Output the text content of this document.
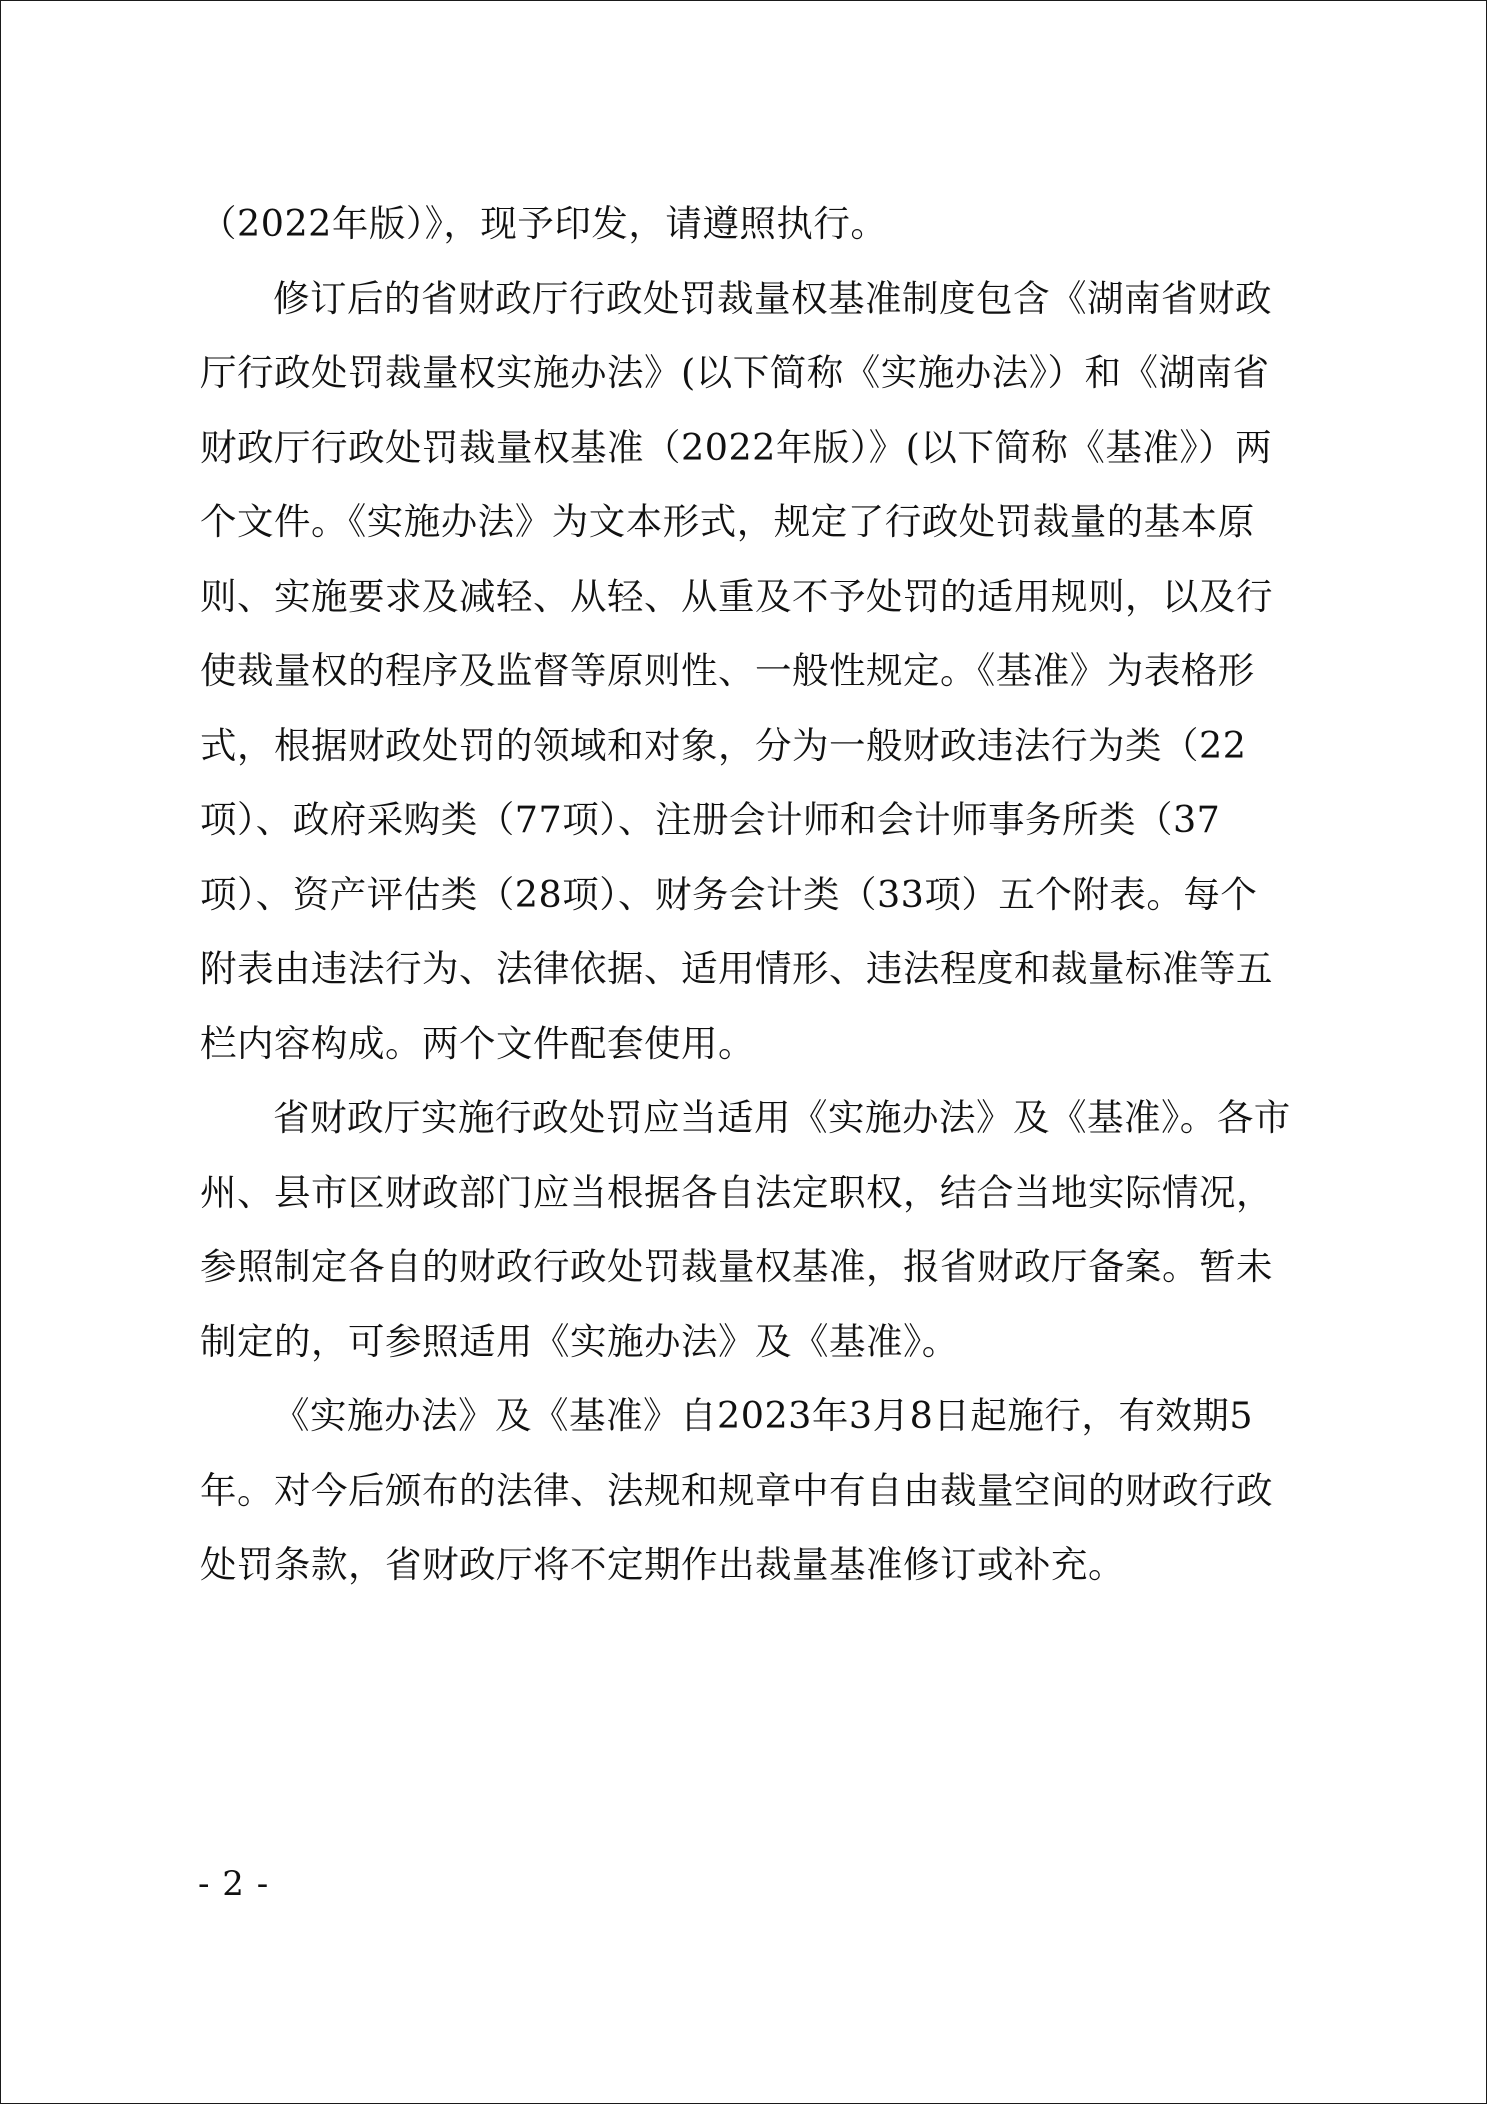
（2022年版）》，现予印发，请遵照执行。

修订后的省财政厅行政处罚裁量权基准制度包含《湖南省财政厅行政处罚裁量权实施办法》(以下简称《实施办法》）和《湖南省财政厅行政处罚裁量权基准（2022年版）》(以下简称《基准》）两个文件。《实施办法》为文本形式，规定了行政处罚裁量的基本原则、实施要求及减轻、从轻、从重及不予处罚的适用规则，以及行使裁量权的程序及监督等原则性、一般性规定。《基准》为表格形式，根据财政处罚的领域和对象，分为一般财政违法行为类（22项）、政府采购类（77项）、注册会计师和会计师事务所类（37项）、资产评估类（28项）、财务会计类（33项）五个附表。每个附表由违法行为、法律依据、适用情形、违法程度和裁量标准等五栏内容构成。两个文件配套使用。

省财政厅实施行政处罚应当适用《实施办法》及《基准》。各市州、县市区财政部门应当根据各自法定职权，结合当地实际情况，参照制定各自的财政行政处罚裁量权基准，报省财政厅备案。暂未制定的，可参照适用《实施办法》及《基准》。

《实施办法》及《基准》自2023年3月8日起施行，有效期5年。对今后颁布的法律、法规和规章中有自由裁量空间的财政行政处罚条款，省财政厅将不定期作出裁量基准修订或补充。

- 2 -
